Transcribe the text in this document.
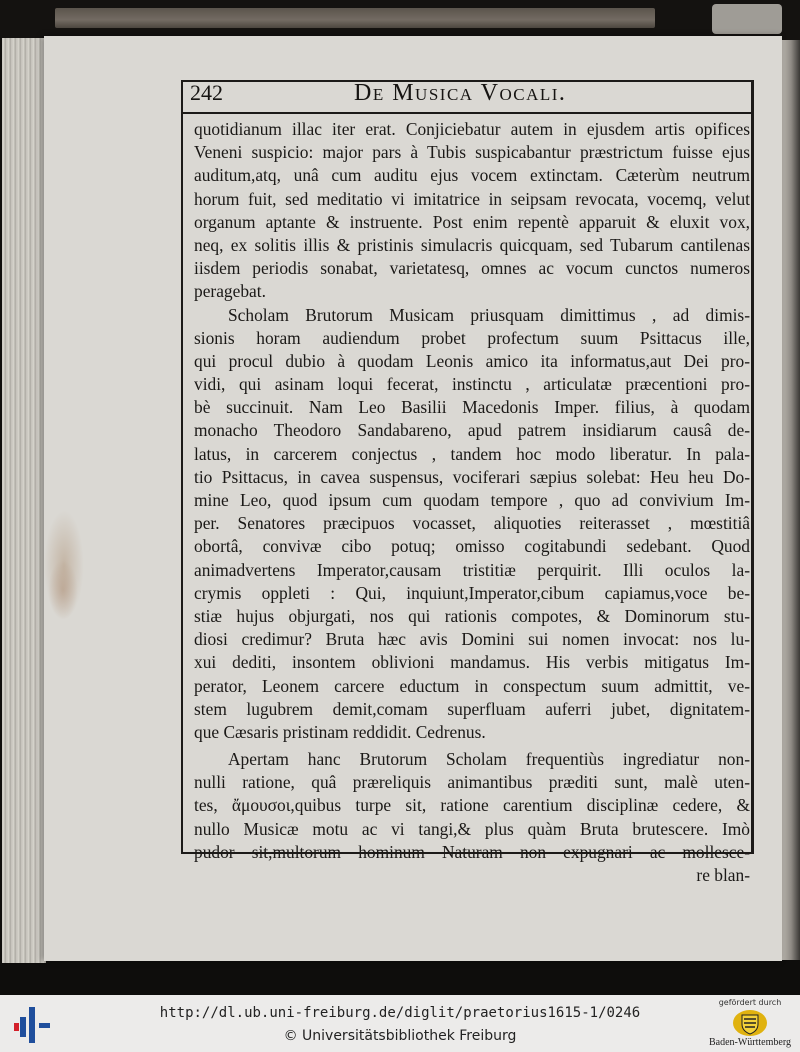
242	De Musica Vocali.
quotidianum illac iter erat. Conjiciebatur autem in ejusdem artis opifices
Veneni suspicio: major pars à Tubis suspicabantur præstrictum fuisse ejus
auditum,atq, unâ cum auditu ejus vocem extinctam. Cæterùm neutrum
horum fuit, sed meditatio vi imitatrice in seipsam revocata, vocemq, velut
organum aptante & instruente. Post enim repentè apparuit & eluxit vox,
neq, ex solitis illis & pristinis simulacris quicquam, sed Tubarum cantilenas
iisdem periodis sonabat, varietatesq, omnes ac vocum cunctos numeros
peragebat.
Scholam Brutorum Musicam priusquam dimittimus , ad dimis-
sionis horam audiendum probet profectum suum Psittacus ille,
qui procul dubio à quodam Leonis amico ita informatus,aut Dei pro-
vidi, qui asinam loqui fecerat, instinctu , articulatæ præcentioni pro-
bè succinuit. Nam Leo Basilii Macedonis Imper. filius, à quodam
monacho Theodoro Sandabareno, apud patrem insidiarum causâ de-
latus, in carcerem conjectus , tandem hoc modo liberatur. In pala-
tio Psittacus, in cavea suspensus, vociferari sæpius solebat: Heu heu Do-
mine Leo, quod ipsum cum quodam tempore , quo ad convivium Im-
per. Senatores præcipuos vocasset, aliquoties reiterasset , mœstitiâ
obortâ, convivæ cibo potuq; omisso cogitabundi sedebant. Quod
animadvertens Imperator,causam tristitiæ perquirit. Illi oculos la-
crymis oppleti : Qui, inquiunt,Imperator,cibum capiamus,voce be-
stiæ hujus objurgati, nos qui rationis compotes, & Dominorum stu-
diosi credimur? Bruta hæc avis Domini sui nomen invocat: nos lu-
xui dediti, insontem oblivioni mandamus. His verbis mitigatus Im-
perator, Leonem carcere eductum in conspectum suum admittit, ve-
stem lugubrem demit,comam superfluam auferri jubet, dignitatem-
que Cæsaris pristinam reddidit. Cedrenus.
Apertam hanc Brutorum Scholam frequentiùs ingrediatur non-
nulli ratione, quâ præreliquis animantibus præditi sunt, malè uten-
tes, ἄμουσοι,quibus turpe sit, ratione carentium disciplinæ cedere, &
nullo Musicæ motu ac vi tangi,& plus quàm Bruta brutescere. Imò
pudor sit,multorum hominum Naturam non expugnari ac mollesce-
re blan-
http://dl.ub.uni-freiburg.de/diglit/praetorius1615-1/0246
© Universitätsbibliothek Freiburg
gefördert durch
Baden-Württemberg
